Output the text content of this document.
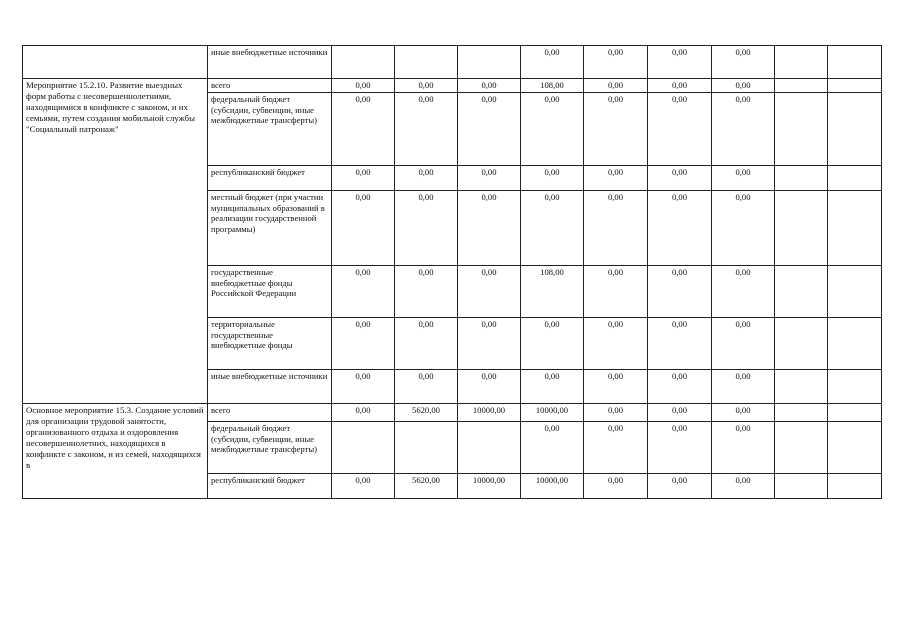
	иные внебюджетные источники				0,00	0,00	0,00	0,00		
Мероприятие 15.2.10. Развитие выездных форм работы с несовершеннолетними, находящимися в конфликте с законом, и их семьями, путем создания мобильной службы "Социальный патронаж"	всего	0,00	0,00	0,00	108,00	0,00	0,00	0,00		
	федеральный бюджет (субсидии, субвенции, иные межбюджетные трансферты)	0,00	0,00	0,00	0,00	0,00	0,00	0,00		
	республиканский бюджет	0,00	0,00	0,00	0,00	0,00	0,00	0,00		
	местный бюджет (при участии муниципальных образований в реализации государственной программы)	0,00	0,00	0,00	0,00	0,00	0,00	0,00		
	государственные внебюджетные фонды Российской Федерации	0,00	0,00	0,00	108,00	0,00	0,00	0,00		
	территориальные государственные внебюджетные фонды	0,00	0,00	0,00	0,00	0,00	0,00	0,00		
	иные внебюджетные источники	0,00	0,00	0,00	0,00	0,00	0,00	0,00		
Основное мероприятие 15.3. Создание условий для организации трудовой занятости, организованного отдыха и оздоровления несовершеннолетних, находящихся в конфликте с законом, и из семей, находящихся в	всего	0,00	5620,00	10000,00	10000,00	0,00	0,00	0,00		
	федеральный бюджет (субсидии, субвенции, иные межбюджетные трансферты)				0,00	0,00	0,00	0,00		
	республиканский бюджет	0,00	5620,00	10000,00	10000,00	0,00	0,00	0,00		
